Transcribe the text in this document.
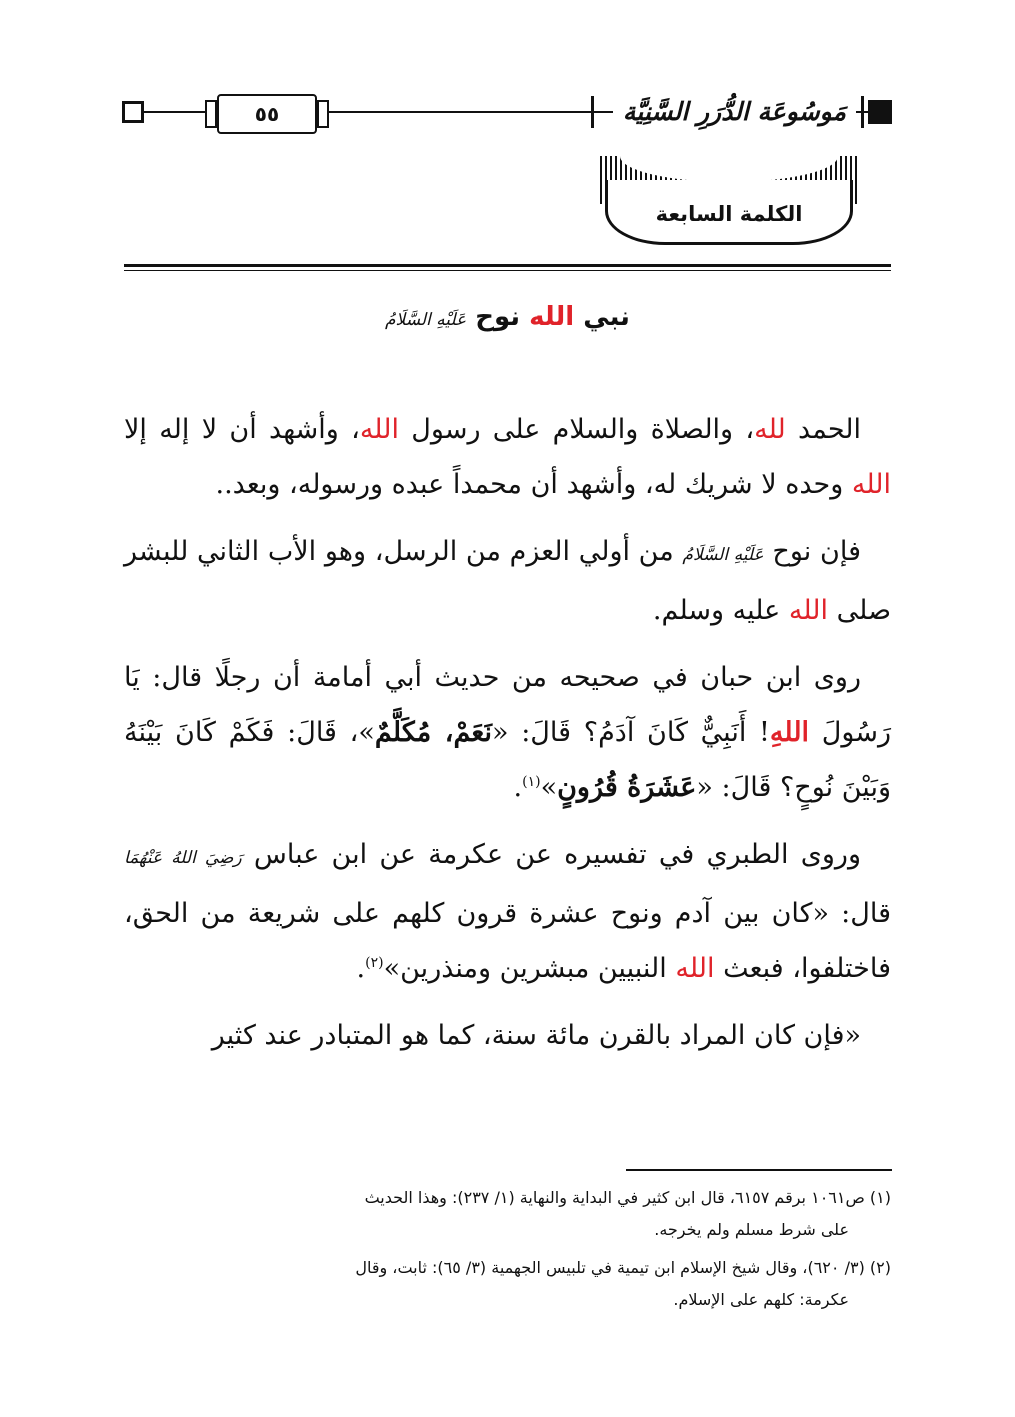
٥٥	مَوسُوعَة الدُّرَرِ السَّنِيَّة
الكلمة السابعة
نبي الله نوح عَلَيْهِ السَّلَامُ

الحمد لله، والصلاة والسلام على رسول الله، وأشهد أن لا إله إلا الله وحده لا شريك له، وأشهد أن محمداً عبده ورسوله، وبعد..

فإن نوح عَلَيْهِ السَّلَامُ من أولي العزم من الرسل، وهو الأب الثاني للبشر صلى الله عليه وسلم.

روى ابن حبان في صحيحه من حديث أبي أمامة أن رجلًا قال: يَا رَسُولَ اللهِ! أَنَبِيٌّ كَانَ آدَمُ؟ قَالَ: «نَعَمْ، مُكَلَّمٌ»، قَالَ: فَكَمْ كَانَ بَيْنَهُ وَبَيْنَ نُوحٍ؟ قَالَ: «عَشَرَةُ قُرُونٍ»$^{(١)}$.

وروى الطبري في تفسيره عن عكرمة عن ابن عباس رَضِيَ اللهُ عَنْهُمَا قال: «كان بين آدم ونوح عشرة قرون كلهم على شريعة من الحق، فاختلفوا، فبعث الله النبيين مبشرين ومنذرين»$^{(٢)}$.

«فإن كان المراد بالقرن مائة سنة، كما هو المتبادر عند كثير

(١) ص١٠٦١ برقم ٦١٥٧، قال ابن كثير في البداية والنهاية (١/ ٢٣٧): وهذا الحديث
على شرط مسلم ولم يخرجه.
(٢) (٣/ ٦٢٠)، وقال شيخ الإسلام ابن تيمية في تلبيس الجهمية (٣/ ٦٥): ثابت، وقال
عكرمة: كلهم على الإسلام.
